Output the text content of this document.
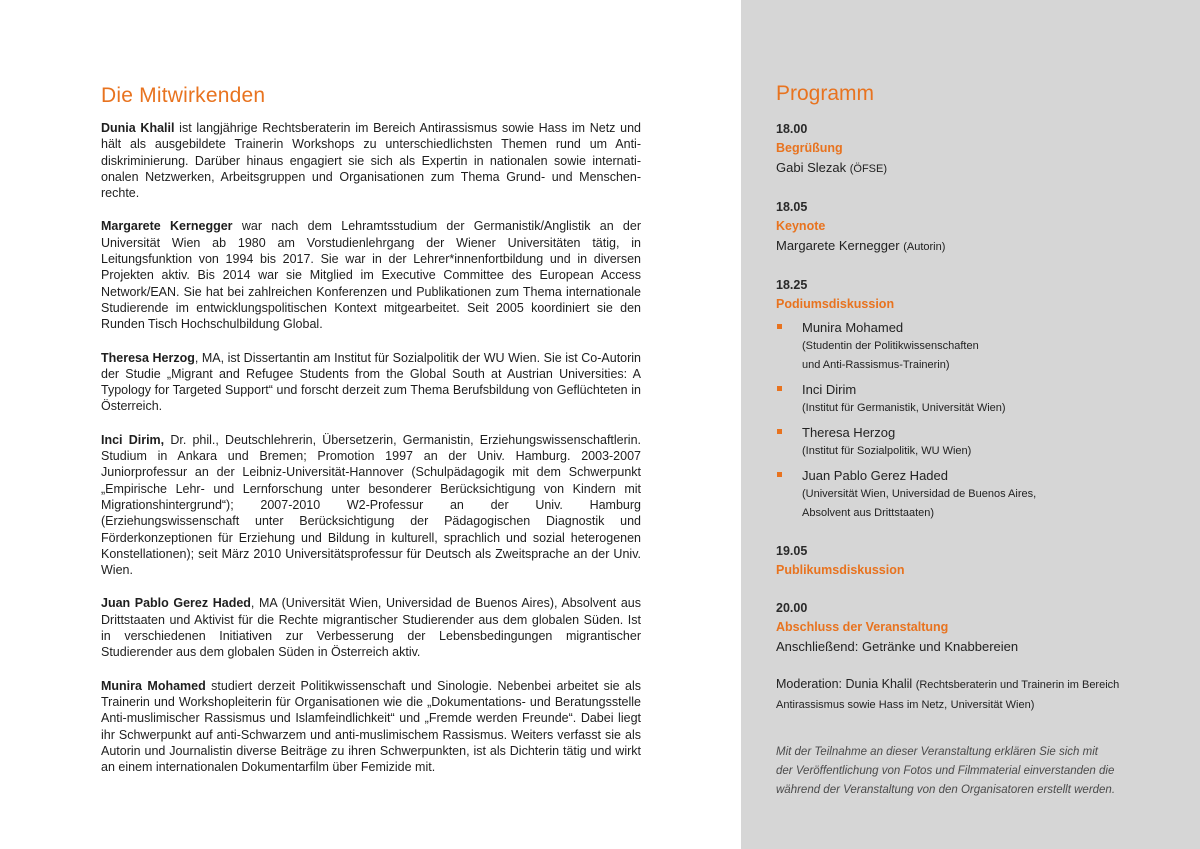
Die Mitwirkenden

Dunia Khalil ist langjährige Rechtsberaterin im Bereich Antirassismus sowie Hass im Netz und hält als ausgebildete Trainerin Workshops zu unterschiedlichsten Themen rund um Anti-diskriminierung. Darüber hinaus engagiert sie sich als Expertin in nationalen sowie internati-onalen Netzwerken, Arbeitsgruppen und Organisationen zum Thema Grund- und Menschen-rechte.

Margarete Kernegger war nach dem Lehramtsstudium der Germanistik/Anglistik an der Universität Wien ab 1980 am Vorstudienlehrgang der Wiener Universitäten tätig, in Leitungsfunktion von 1994 bis 2017. Sie war in der Lehrer*innenfortbildung und in diversen Projekten aktiv. Bis 2014 war sie Mitglied im Executive Committee des European Access Network/EAN. Sie hat bei zahlreichen Konferenzen und Publikationen zum Thema internationale Studierende im entwicklungspolitischen Kontext mitgearbeitet. Seit 2005 koordiniert sie den Runden Tisch Hochschulbildung Global.

Theresa Herzog, MA, ist Dissertantin am Institut für Sozialpolitik der WU Wien. Sie ist Co-Autorin der Studie „Migrant and Refugee Students from the Global South at Austrian Universities: A Typology for Targeted Support“ und forscht derzeit zum Thema Berufsbildung von Geflüchteten in Österreich.

Inci Dirim, Dr. phil., Deutschlehrerin, Übersetzerin, Germanistin, Erziehungswissenschaftlerin. Studium in Ankara und Bremen; Promotion 1997 an der Univ. Hamburg. 2003-2007 Juniorprofessur an der Leibniz-Universität-Hannover (Schulpädagogik mit dem Schwerpunkt „Empirische Lehr- und Lernforschung unter besonderer Berücksichtigung von Kindern mit Migrationshintergrund“); 2007-2010 W2-Professur an der Univ. Hamburg (Erziehungswissenschaft unter Berücksichtigung der Pädagogischen Diagnostik und Förderkonzeptionen für Erziehung und Bildung in kulturell, sprachlich und sozial heterogenen Konstellationen); seit März 2010 Universitätsprofessur für Deutsch als Zweitsprache an der Univ. Wien.

Juan Pablo Gerez Haded, MA (Universität Wien, Universidad de Buenos Aires), Absolvent aus Drittstaaten und Aktivist für die Rechte migrantischer Studierender aus dem globalen Süden. Ist in verschiedenen Initiativen zur Verbesserung der Lebensbedingungen migrantischer Studierender aus dem globalen Süden in Österreich aktiv.

Munira Mohamed studiert derzeit Politikwissenschaft und Sinologie. Nebenbei arbeitet sie als Trainerin und Workshopleiterin für Organisationen wie die „Dokumentations- und Beratungsstelle Anti-muslimischer Rassismus und Islamfeindlichkeit“ und „Fremde werden Freunde“. Dabei liegt ihr Schwerpunkt auf anti-Schwarzem und anti-muslimischem Rassismus. Weiters verfasst sie als Autorin und Journalistin diverse Beiträge zu ihren Schwerpunkten, ist als Dichterin tätig und wirkt an einem internationalen Dokumentarfilm über Femizide mit.

Programm
18.00
Begrüßung
Gabi Slezak (ÖFSE)
18.05
Keynote
Margarete Kernegger (Autorin)
18.25
Podiumsdiskussion
Munira Mohamed
(Studentin der Politikwissenschaften
und Anti-Rassismus-Trainerin)
Inci Dirim
(Institut für Germanistik, Universität Wien)
Theresa Herzog
(Institut für Sozialpolitik, WU Wien)
Juan Pablo Gerez Haded
(Universität Wien, Universidad de Buenos Aires,
Absolvent aus Drittstaaten)
19.05
Publikumsdiskussion
20.00
Abschluss der Veranstaltung
Anschließend: Getränke und Knabbereien
Moderation: Dunia Khalil (Rechtsberaterin und Trainerin im Bereich
Antirassismus sowie Hass im Netz, Universität Wien)
Mit der Teilnahme an dieser Veranstaltung erklären Sie sich mit
der Veröffentlichung von Fotos und Filmmaterial einverstanden die
während der Veranstaltung von den Organisatoren erstellt werden.
